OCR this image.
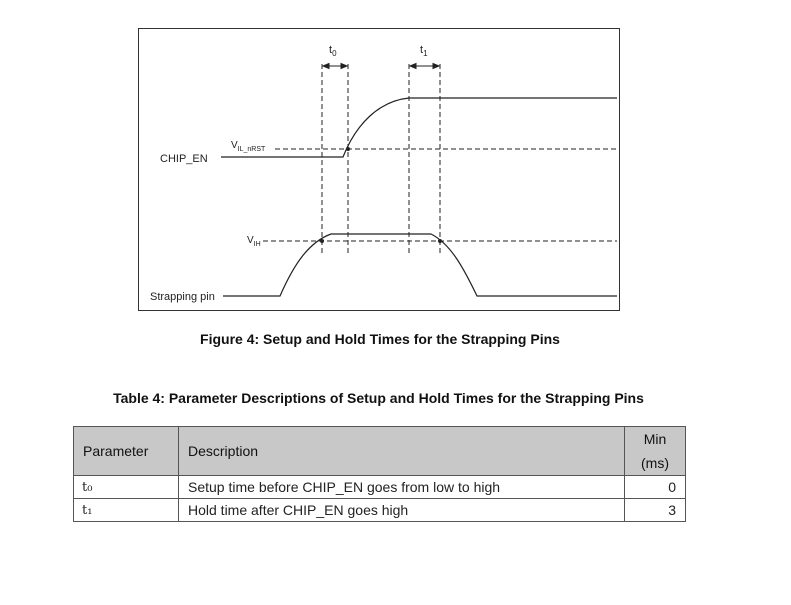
$t_0$	$t_1$
$V_{IL\_nRST}$
$V_{IH}$
CHIP_EN
Strapping pin
Figure 4: Setup and Hold Times for the Strapping Pins
Table 4: Parameter Descriptions of Setup and Hold Times for the Strapping Pins
Parameter	Description	Min
(ms)
t₀	Setup time before CHIP_EN goes from low to high	0
t₁	Hold time after CHIP_EN goes high	3
